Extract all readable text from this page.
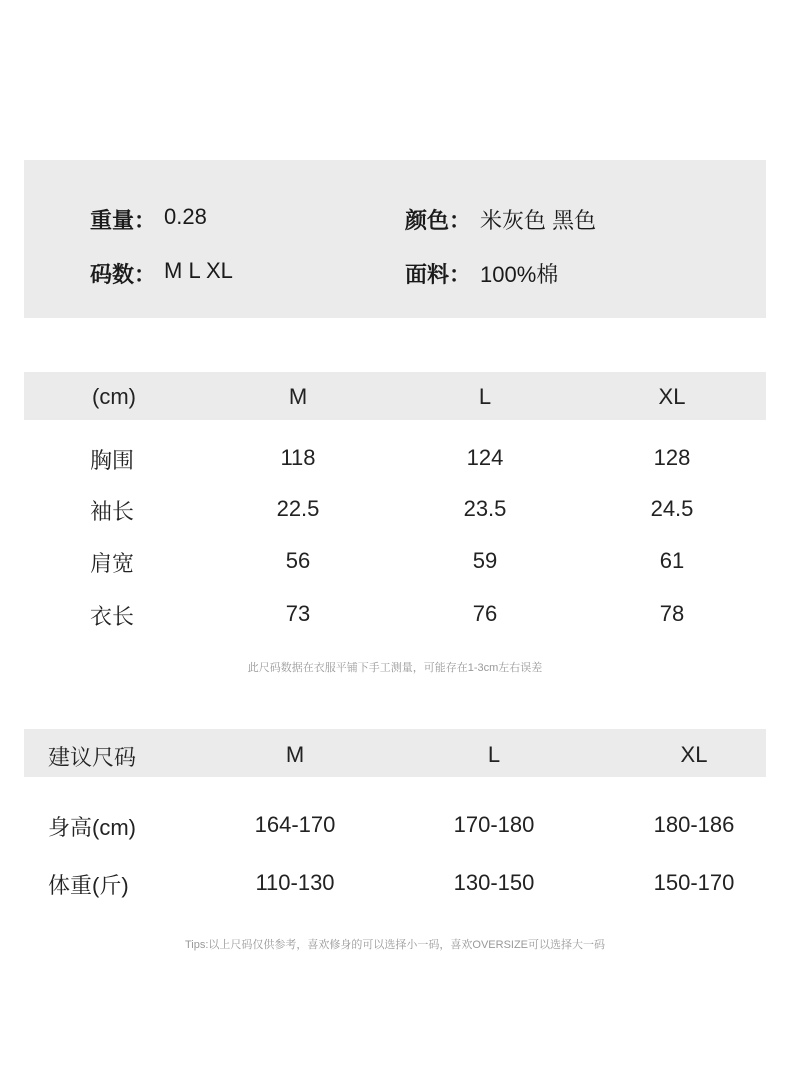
重量： 0.28	颜色： 米灰色 黑色
码数： M L XL	面料： 100%棉
(cm)	M	L	XL
胸围	118	124	128
袖长	22.5	23.5	24.5
肩宽	56	59	61
衣长	73	76	78
此尺码数据在衣服平铺下手工测量，可能存在1-3cm左右误差
建议尺码	M	L	XL
身高(cm)	164-170	170-180	180-186
体重(斤)	110-130	130-150	150-170
Tips:以上尺码仅供参考，喜欢修身的可以选择小一码，喜欢OVERSIZE可以选择大一码
